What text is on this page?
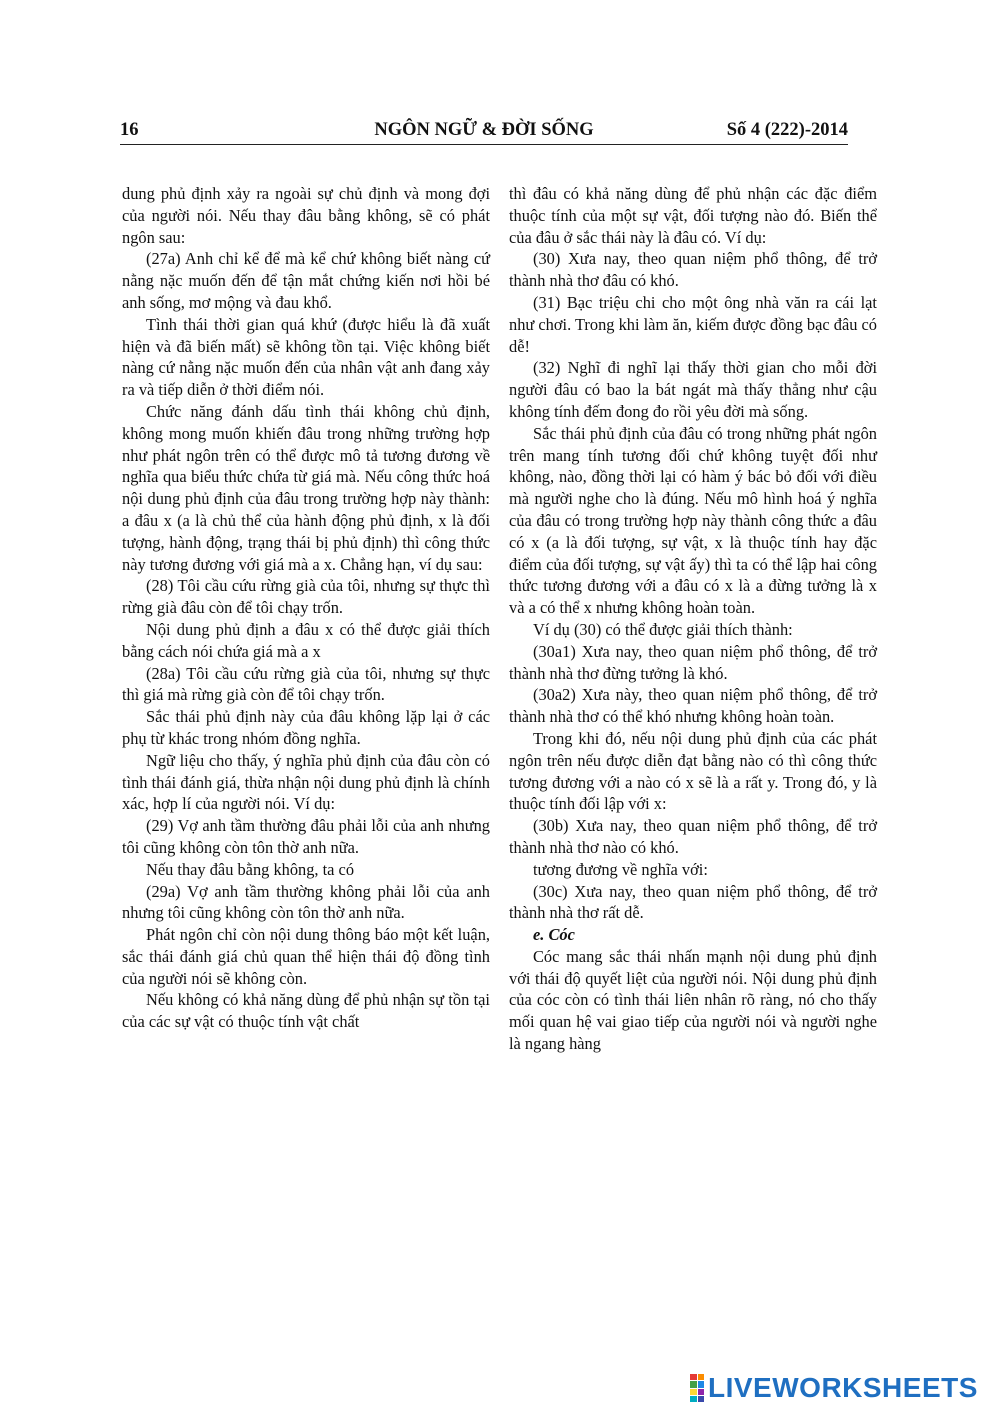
16	NGÔN NGỮ & ĐỜI SỐNG	Số 4 (222)-2014

dung phủ định xảy ra ngoài sự chủ định và mong đợi của người nói. Nếu thay đâu bằng không, sẽ có phát ngôn sau:

(27a) Anh chỉ kể để mà kể chứ không biết nàng cứ nằng nặc muốn đến để tận mắt chứng kiến nơi hồi bé anh sống, mơ mộng và đau khổ.

Tình thái thời gian quá khứ (được hiểu là đã xuất hiện và đã biến mất) sẽ không tồn tại. Việc không biết nàng cứ nằng nặc muốn đến của nhân vật anh đang xảy ra và tiếp diễn ở thời điểm nói.

Chức năng đánh dấu tình thái không chủ định, không mong muốn khiến đâu trong những trường hợp như phát ngôn trên có thể được mô tả tương đương về nghĩa qua biểu thức chứa từ giá mà. Nếu công thức hoá nội dung phủ định của đâu trong trường hợp này thành: a đâu x (a là chủ thể của hành động phủ định, x là đối tượng, hành động, trạng thái bị phủ định) thì công thức này tương đương với giá mà a x. Chẳng hạn, ví dụ sau:

(28) Tôi cầu cứu rừng già của tôi, nhưng sự thực thì rừng già đâu còn để tôi chạy trốn.

Nội dung phủ định a đâu x có thể được giải thích bằng cách nói chứa giá mà a x

(28a) Tôi cầu cứu rừng già của tôi, nhưng sự thực thì giá mà rừng già còn để tôi chạy trốn.

Sắc thái phủ định này của đâu không lặp lại ở các phụ từ khác trong nhóm đồng nghĩa.

Ngữ liệu cho thấy, ý nghĩa phủ định của đâu còn có tình thái đánh giá, thừa nhận nội dung phủ định là chính xác, hợp lí của người nói. Ví dụ:

(29) Vợ anh tầm thường đâu phải lỗi của anh nhưng tôi cũng không còn tôn thờ anh nữa.

Nếu thay đâu bằng không, ta có

(29a) Vợ anh tầm thường không phải lỗi của anh nhưng tôi cũng không còn tôn thờ anh nữa.

Phát ngôn chỉ còn nội dung thông báo một kết luận, sắc thái đánh giá chủ quan thể hiện thái độ đồng tình của người nói sẽ không còn.

Nếu không có khả năng dùng để phủ nhận sự tồn tại của các sự vật có thuộc tính vật chất

thì đâu có khả năng dùng để phủ nhận các đặc điểm thuộc tính của một sự vật, đối tượng nào đó. Biến thể của đâu ở sắc thái này là đâu có. Ví dụ:

(30) Xưa nay, theo quan niệm phổ thông, để trở thành nhà thơ đâu có khó.

(31) Bạc triệu chi cho một ông nhà văn ra cái lạt như chơi. Trong khi làm ăn, kiếm được đồng bạc đâu có dễ!

(32) Nghĩ đi nghĩ lại thấy thời gian cho mỗi đời người đâu có bao la bát ngát mà thấy thẳng như cậu không tính đếm đong đo rồi yêu đời mà sống.

Sắc thái phủ định của đâu có trong những phát ngôn trên mang tính tương đối chứ không tuyệt đối như không, nào, đồng thời lại có hàm ý bác bỏ đối với điều mà người nghe cho là đúng. Nếu mô hình hoá ý nghĩa của đâu có trong trường hợp này thành công thức a đâu có x (a là đối tượng, sự vật, x là thuộc tính hay đặc điểm của đối tượng, sự vật ấy) thì ta có thể lập hai công thức tương đương với a đâu có x là a đừng tưởng là x và a có thể x nhưng không hoàn toàn.

Ví dụ (30) có thể được giải thích thành:

(30a1) Xưa nay, theo quan niệm phổ thông, để trở thành nhà thơ đừng tưởng là khó.

(30a2) Xưa này, theo quan niệm phổ thông, để trở thành nhà thơ có thể khó nhưng không hoàn toàn.

Trong khi đó, nếu nội dung phủ định của các phát ngôn trên nếu được diễn đạt bằng nào có thì công thức tương đương với a nào có x sẽ là a rất y. Trong đó, y là thuộc tính đối lập với x:

(30b) Xưa nay, theo quan niệm phổ thông, để trở thành nhà thơ nào có khó.

tương đương về nghĩa với:

(30c) Xưa nay, theo quan niệm phổ thông, để trở thành nhà thơ rất dễ.

e. Cóc

Cóc mang sắc thái nhấn mạnh nội dung phủ định với thái độ quyết liệt của người nói. Nội dung phủ định của cóc còn có tình thái liên nhân rõ ràng, nó cho thấy mối quan hệ vai giao tiếp của người nói và người nghe là ngang hàng

LIVEWORKSHEETS
